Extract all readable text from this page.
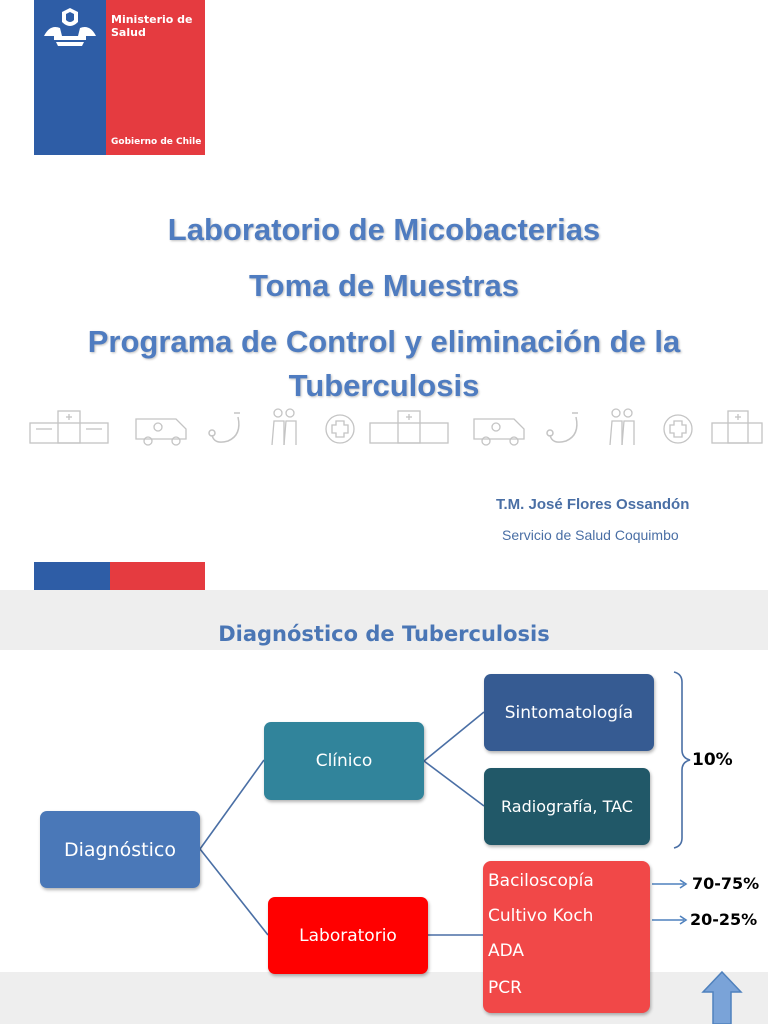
Ministerio de
Salud
Gobierno de Chile
Laboratorio de Micobacterias
Toma de Muestras
Programa de Control y eliminación de la
Tuberculosis
T.M. José Flores Ossandón
Servicio de Salud Coquimbo
Diagnóstico de Tuberculosis
Diagnóstico
Clínico
Laboratorio
Sintomatología
Radiografía, TAC
Baciloscopía
Cultivo Koch
ADA
PCR
10%
70-75%
20-25%
